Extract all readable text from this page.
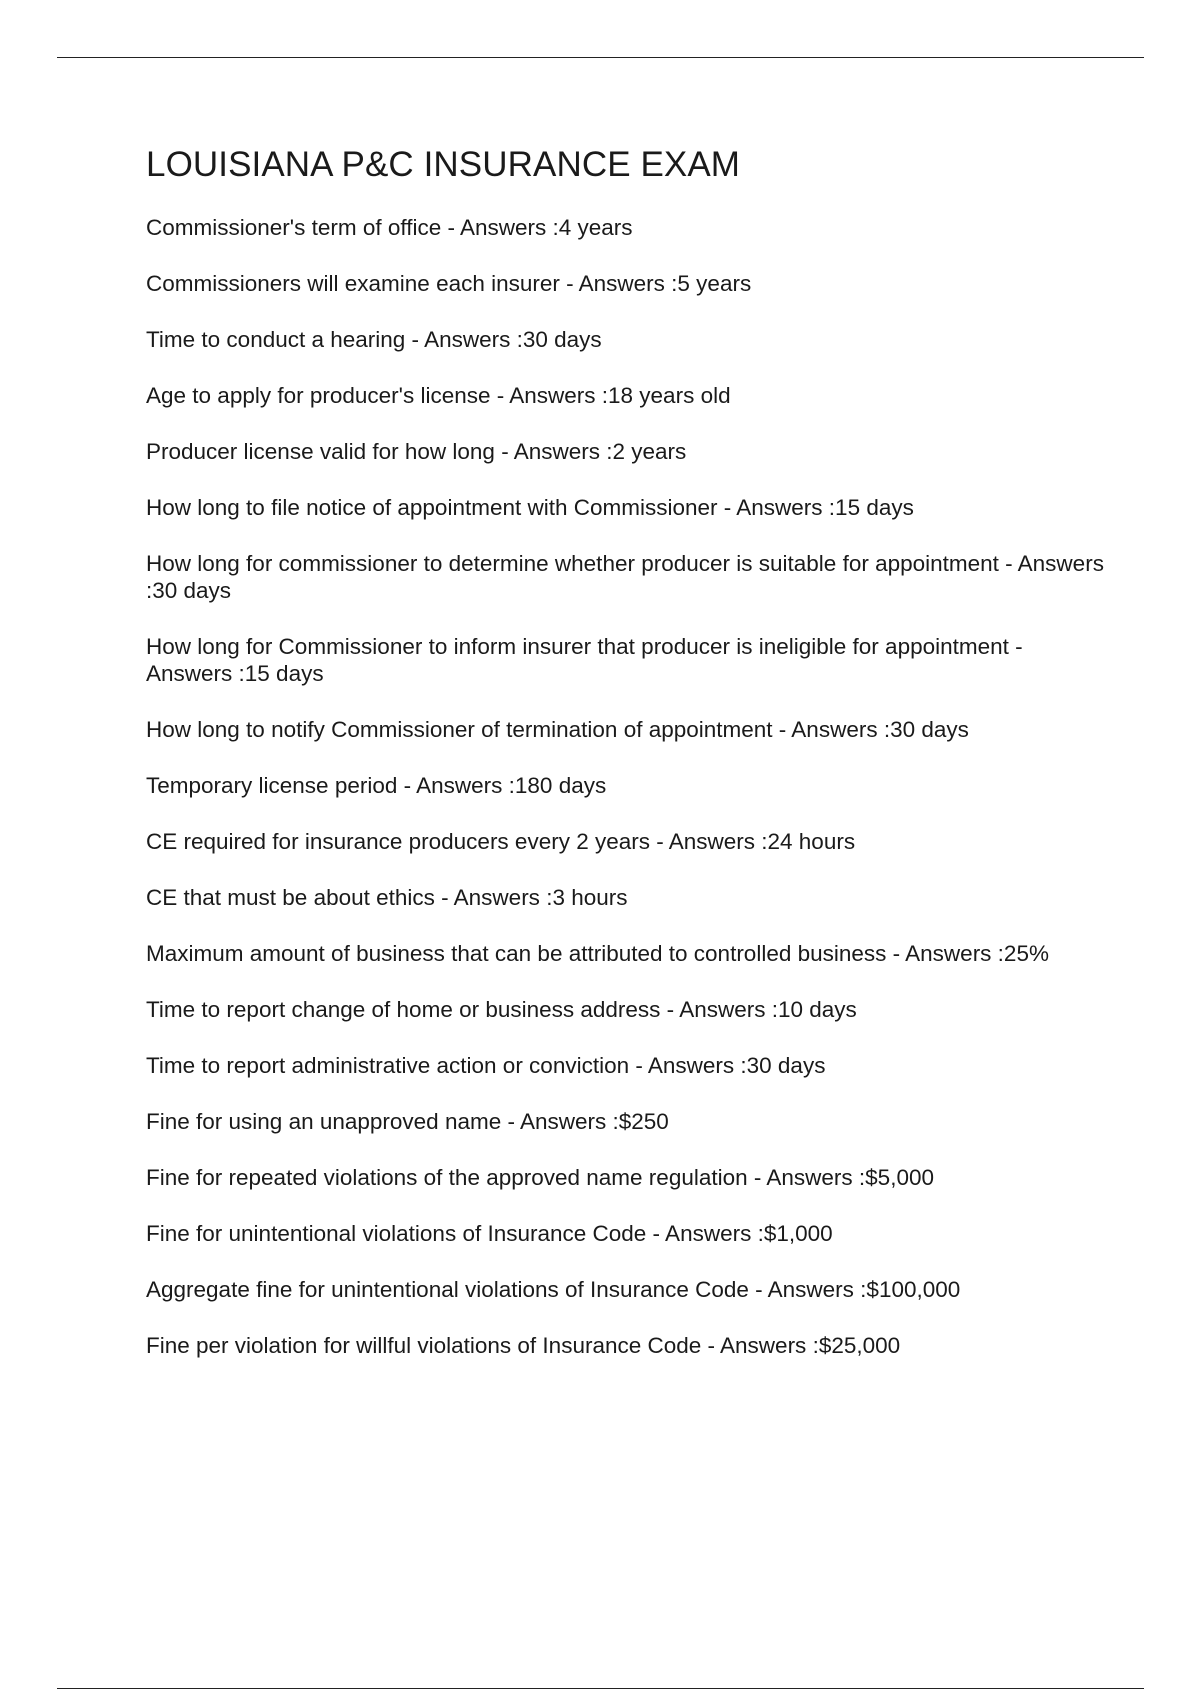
LOUISIANA P&C INSURANCE EXAM
Commissioner's term of office - Answers :4 years
Commissioners will examine each insurer - Answers :5 years
Time to conduct a hearing - Answers :30 days
Age to apply for producer's license - Answers :18 years old
Producer license valid for how long - Answers :2 years
How long to file notice of appointment with Commissioner - Answers :15 days
How long for commissioner to determine whether producer is suitable for appointment - Answers :30 days
How long for Commissioner to inform insurer that producer is ineligible for appointment - Answers :15 days
How long to notify Commissioner of termination of appointment - Answers :30 days
Temporary license period - Answers :180 days
CE required for insurance producers every 2 years - Answers :24 hours
CE that must be about ethics - Answers :3 hours
Maximum amount of business that can be attributed to controlled business - Answers :25%
Time to report change of home or business address - Answers :10 days
Time to report administrative action or conviction - Answers :30 days
Fine for using an unapproved name - Answers :$250
Fine for repeated violations of the approved name regulation - Answers :$5,000
Fine for unintentional violations of Insurance Code - Answers :$1,000
Aggregate fine for unintentional violations of Insurance Code - Answers :$100,000
Fine per violation for willful violations of Insurance Code - Answers :$25,000
